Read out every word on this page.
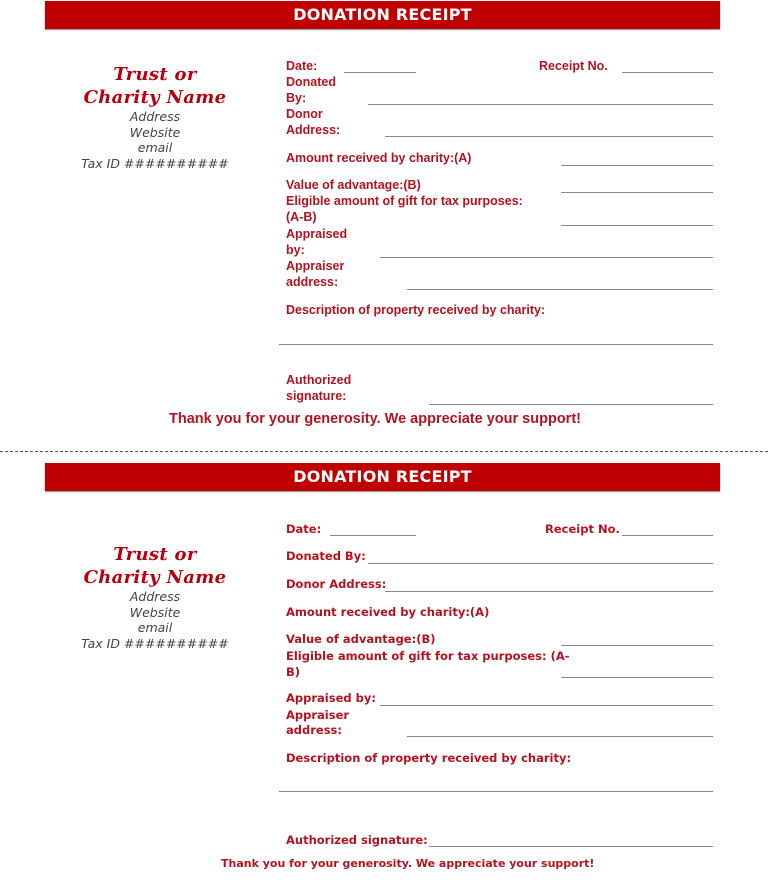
DONATION RECEIPT
Trust or
Charity Name
Address
Website
email
Tax ID ##########
Date:	Receipt No.
Donated
By:
Donor
Address:
Amount received by charity:(A)
Value of advantage:(B)
Eligible amount of gift for tax purposes:
(A-B)
Appraised
by:
Appraiser
address:
Description of property received by charity:
Authorized
signature:
Thank you for your generosity. We appreciate your support!
DONATION RECEIPT
Trust or
Charity Name
Address
Website
email
Tax ID ##########
Date:	Receipt No.
Donated By:
Donor Address:
Amount received by charity:(A)
Value of advantage:(B)
Eligible amount of gift for tax purposes: (A-
B)
Appraised by:
Appraiser
address:
Description of property received by charity:
Authorized signature:
Thank you for your generosity. We appreciate your support!
